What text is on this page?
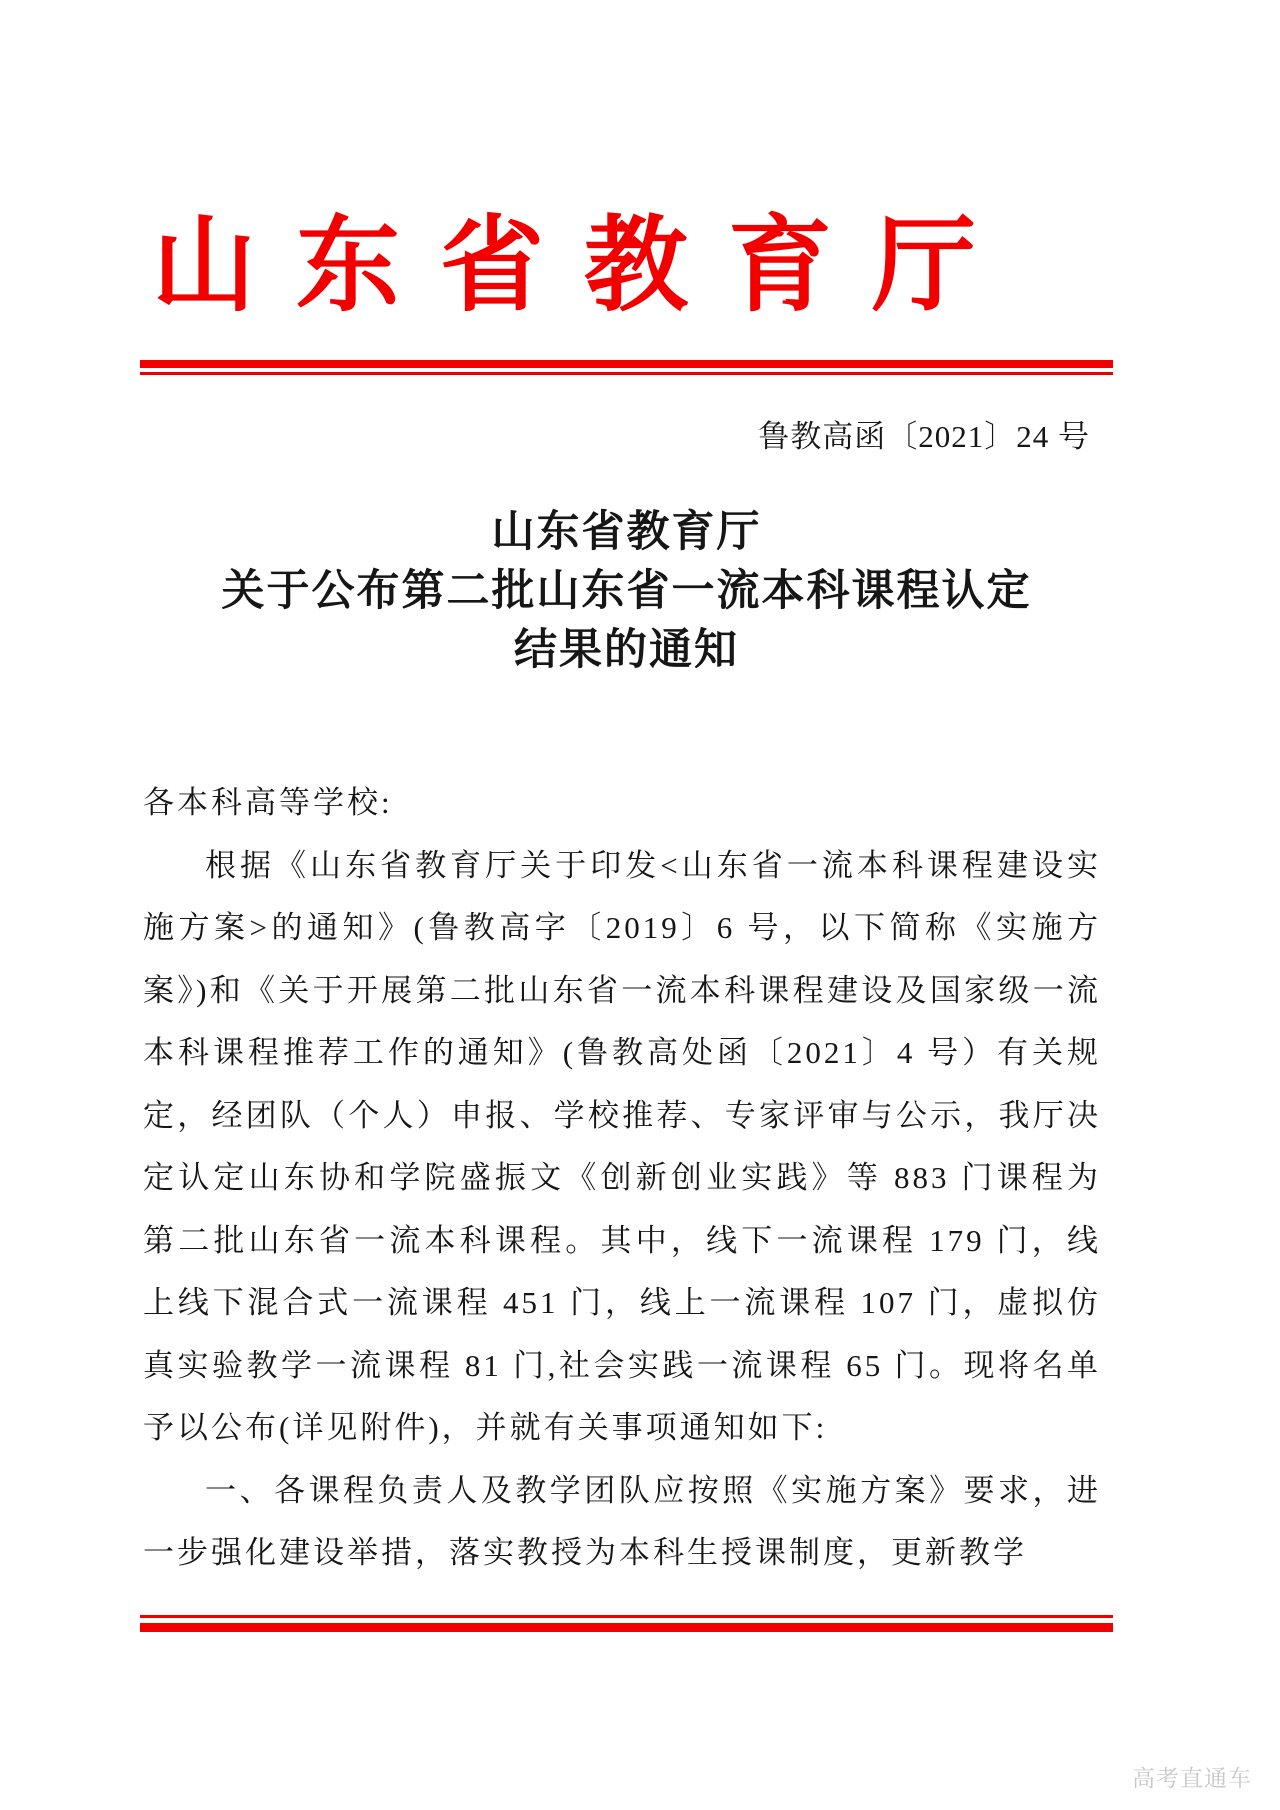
山东省教育厅
鲁教高函〔2021〕24 号
山东省教育厅
关于公布第二批山东省一流本科课程认定
结果的通知

各本科高等学校:

根据《山东省教育厅关于印发<山东省一流本科课程建设实施方案>的通知》(鲁教高字〔2019〕6 号，以下简称《实施方案》)和《关于开展第二批山东省一流本科课程建设及国家级一流本科课程推荐工作的通知》(鲁教高处函〔2021〕4 号）有关规定，经团队（个人）申报、学校推荐、专家评审与公示，我厅决定认定山东协和学院盛振文《创新创业实践》等 883 门课程为第二批山东省一流本科课程。其中，线下一流课程 179 门，线上线下混合式一流课程 451 门，线上一流课程 107 门，虚拟仿真实验教学一流课程 81 门,社会实践一流课程 65 门。现将名单予以公布(详见附件)，并就有关事项通知如下:

一、各课程负责人及教学团队应按照《实施方案》要求，进一步强化建设举措，落实教授为本科生授课制度，更新教学

高考直通车
